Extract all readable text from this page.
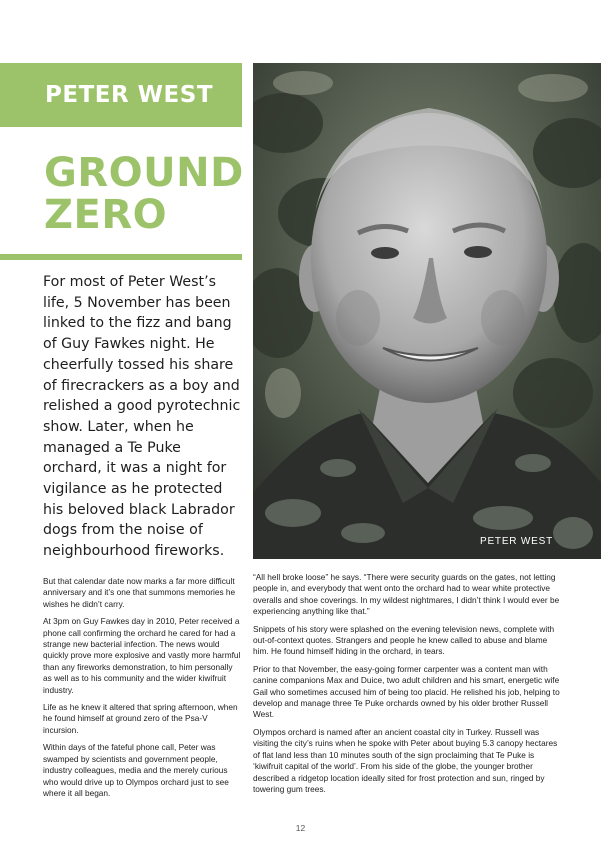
PETER WEST
GROUND
ZERO
For most of Peter West’s life, 5 November has been linked to the fizz and bang of Guy Fawkes night. He cheerfully tossed his share of firecrackers as a boy and relished a good pyrotechnic show. Later, when he managed a Te Puke orchard, it was a night for vigilance as he protected his beloved black Labrador dogs from the noise of neighbourhood fireworks.
PETER WEST

But that calendar date now marks a far more difficult anniversary and it’s one that summons memories he wishes he didn’t carry.

At 3pm on Guy Fawkes day in 2010, Peter received a phone call confirming the orchard he cared for had a strange new bacterial infection. The news would quickly prove more explosive and vastly more harmful than any fireworks demonstration, to him personally as well as to his community and the wider kiwifruit industry.

Life as he knew it altered that spring afternoon, when he found himself at ground zero of the Psa-V incursion.

Within days of the fateful phone call, Peter was swamped by scientists and government people, industry colleagues, media and the merely curious who would drive up to Olympos orchard just to see where it all began.

“All hell broke loose” he says. “There were security guards on the gates, not letting people in, and everybody that went onto the orchard had to wear white protective overalls and shoe coverings. In my wildest nightmares, I didn’t think I would ever be experiencing anything like that.”

Snippets of his story were splashed on the evening television news, complete with out-of-context quotes. Strangers and people he knew called to abuse and blame him. He found himself hiding in the orchard, in tears.

Prior to that November, the easy-going former carpenter was a content man with canine companions Max and Duice, two adult children and his smart, energetic wife Gail who sometimes accused him of being too placid. He relished his job, helping to develop and manage three Te Puke orchards owned by his older brother Russell West.

Olympos orchard is named after an ancient coastal city in Turkey. Russell was visiting the city’s ruins when he spoke with Peter about buying 5.3 canopy hectares of flat land less than 10 minutes south of the sign proclaiming that Te Puke is ‘kiwifruit capital of the world’. From his side of the globe, the younger brother described a ridgetop location ideally sited for frost protection and sun, ringed by towering gum trees.

12
